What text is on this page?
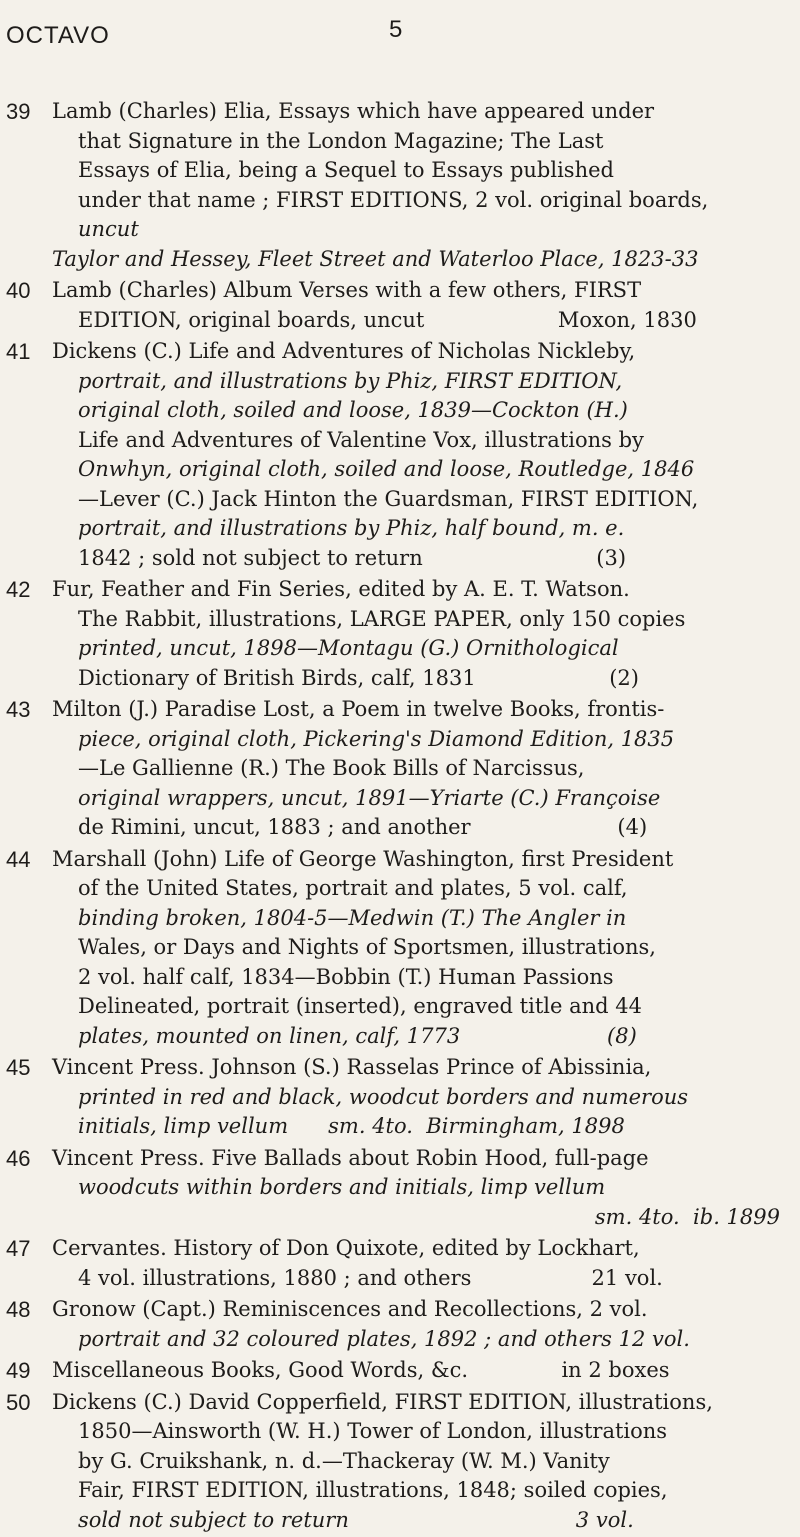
OCTAVO	5
39	Lamb (Charles) Elia, Essays which have appeared under
that Signature in the London Magazine; The Last
Essays of Elia, being a Sequel to Essays published
under that name ; FIRST EDITIONS, 2 vol. original boards,
uncut
Taylor and Hessey, Fleet Street and Waterloo Place, 1823-33
40	Lamb (Charles) Album Verses with a few others, FIRST
EDITION, original boards, uncut                    Moxon, 1830
41	Dickens (C.) Life and Adventures of Nicholas Nickleby,
portrait, and illustrations by Phiz, FIRST EDITION,
original cloth, soiled and loose, 1839—Cockton (H.)
Life and Adventures of Valentine Vox, illustrations by
Onwhyn, original cloth, soiled and loose, Routledge, 1846
—Lever (C.) Jack Hinton the Guardsman, FIRST EDITION,
portrait, and illustrations by Phiz, half bound, m. e.
1842 ; sold not subject to return                          (3)
42	Fur, Feather and Fin Series, edited by A. E. T. Watson.
The Rabbit, illustrations, LARGE PAPER, only 150 copies
printed, uncut, 1898—Montagu (G.) Ornithological
Dictionary of British Birds, calf, 1831                    (2)
43	Milton (J.) Paradise Lost, a Poem in twelve Books, frontis-
piece, original cloth, Pickering's Diamond Edition, 1835
—Le Gallienne (R.) The Book Bills of Narcissus,
original wrappers, uncut, 1891—Yriarte (C.) Françoise
de Rimini, uncut, 1883 ; and another                      (4)
44	Marshall (John) Life of George Washington, first President
of the United States, portrait and plates, 5 vol. calf,
binding broken, 1804-5—Medwin (T.) The Angler in
Wales, or Days and Nights of Sportsmen, illustrations,
2 vol. half calf, 1834—Bobbin (T.) Human Passions
Delineated, portrait (inserted), engraved title and 44
plates, mounted on linen, calf, 1773                      (8)
45	Vincent Press. Johnson (S.) Rasselas Prince of Abissinia,
printed in red and black, woodcut borders and numerous
initials, limp vellum      sm. 4to.  Birmingham, 1898
46	Vincent Press. Five Ballads about Robin Hood, full-page
woodcuts within borders and initials, limp vellum
sm. 4to.  ib. 1899
47	Cervantes. History of Don Quixote, edited by Lockhart,
4 vol. illustrations, 1880 ; and others                  21 vol.
48	Gronow (Capt.) Reminiscences and Recollections, 2 vol.
portrait and 32 coloured plates, 1892 ; and others 12 vol.
49	Miscellaneous Books, Good Words, &c.              in 2 boxes
50	Dickens (C.) David Copperfield, FIRST EDITION, illustrations,
1850—Ainsworth (W. H.) Tower of London, illustrations
by G. Cruikshank, n. d.—Thackeray (W. M.) Vanity
Fair, FIRST EDITION, illustrations, 1848; soiled copies,
sold not subject to return                                  3 vol.
